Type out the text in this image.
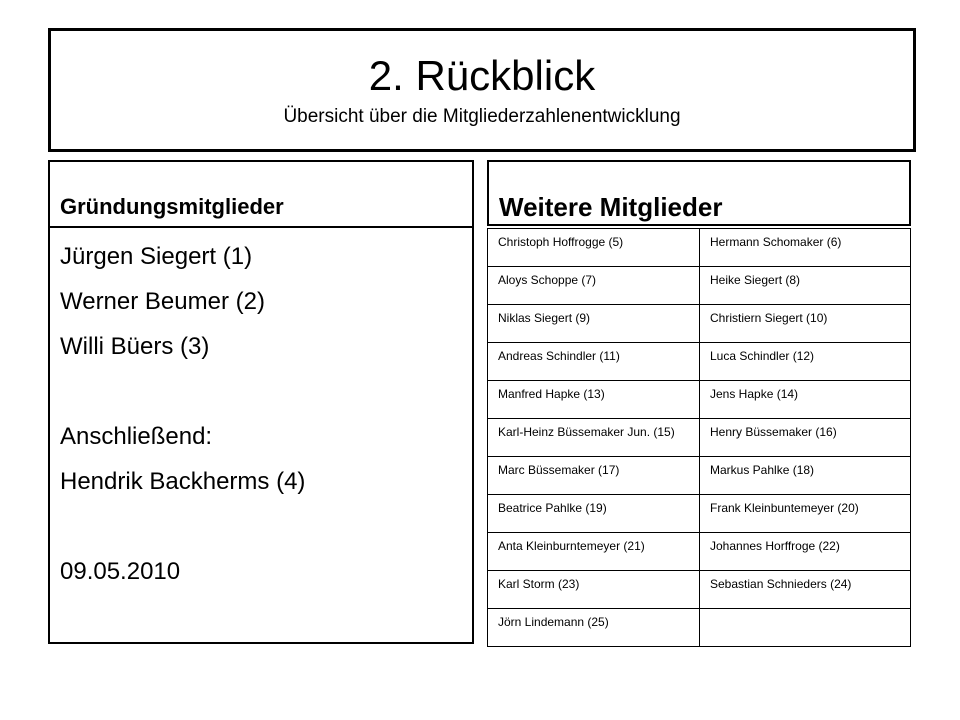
2. Rückblick
Übersicht über die Mitgliederzahlenentwicklung
Gründungsmitglieder
Jürgen Siegert (1)
Werner Beumer (2)
Willi Büers (3)
Anschließend:
Hendrik Backherms (4)
09.05.2010
Weitere Mitglieder
Christoph Hoffrogge (5)	Hermann Schomaker (6)
Aloys Schoppe (7)	Heike Siegert (8)
Niklas Siegert (9)	Christiern Siegert (10)
Andreas Schindler (11)	Luca Schindler (12)
Manfred Hapke (13)	Jens Hapke (14)
Karl-Heinz Büssemaker Jun. (15)	Henry Büssemaker (16)
Marc Büssemaker (17)	Markus Pahlke (18)
Beatrice Pahlke (19)	Frank Kleinbuntemeyer (20)
Anta Kleinburntemeyer (21)	Johannes Horffroge (22)
Karl Storm (23)	Sebastian Schnieders (24)
Jörn Lindemann (25)	
